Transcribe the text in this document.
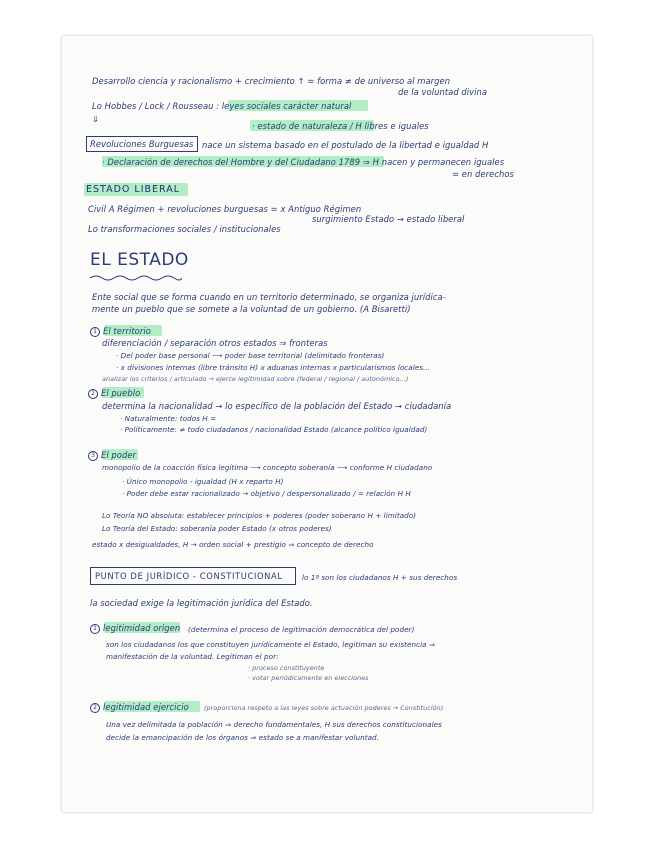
Desarrollo ciencia y racionalismo + crecimiento ↑ = forma ≠ de universo al margen
de la voluntad divina
Lo Hobbes / Lock / Rousseau : leyes sociales carácter natural
⇓
· estado de naturaleza / H libres e iguales
Revoluciones Burguesas nace un sistema basado en el postulado de la libertad e igualdad H
· Declaración de derechos del Hombre y del Ciudadano 1789 ⇒ H nacen y permanecen iguales
= en derechos
ESTADO LIBERAL
Civil A Régimen + revoluciones burguesas = x Antiguo Régimen
surgimiento Estado → estado liberal
Lo transformaciones sociales / institucionales
EL ESTADO
Ente social que se forma cuando en un territorio determinado, se organiza jurídica-
mente un pueblo que se somete a la voluntad de un gobierno. (A Bisaretti)
1 El territorio
diferenciación / separación otros estados ⇒ fronteras
· Del poder base personal ⟶ poder base territorial (delimitado fronteras)
· x divisiones internas (libre tránsito H) x aduanas internas x particularismos locales...
analizar los criterios / articulado → ejerce legitimidad sobre (federal / regional / autonómico...)
2 El pueblo
determina la nacionalidad → lo específico de la población del Estado → ciudadanía
· Naturalmente: todos H =
· Políticamente: ≠ todo ciudadanos / nacionalidad Estado (alcance político igualdad)
3 El poder
monopolio de la coacción física legítima ⟶ concepto soberanía ⟶ conforme H ciudadano
· Único monopolio - igualdad (H x reparto H)
· Poder debe estar racionalizado → objetivo / despersonalizado / = relación H H
Lo Teoría NO absoluta: establecer principios + poderes (poder soberano H + limitado)
Lo Teoría del Estado: soberanía poder Estado (x otros poderes)
estado x desigualdades, H → orden social + prestigio ⇒ concepto de derecho
PUNTO DE JURÍDICO - CONSTITUCIONAL	lo 1º son los ciudadanos H + sus derechos
la sociedad exige la legitimación jurídica del Estado.
1 legitimidad origen (determina el proceso de legitimación democrática del poder)
son los ciudadanos los que constituyen jurídicamente el Estado, legitiman su existencia ⇒
manifestación de la voluntad. Legitiman el por:
· proceso constituyente
· votar periódicamente en elecciones
2 legitimidad ejercicio (proporciona respeto a las leyes sobre actuación poderes → Constitución)
Una vez delimitada la población ⇒ derecho fundamentales, H sus derechos constitucionales
decide la emancipación de los órganos ⇒ estado se a manifestar voluntad.
